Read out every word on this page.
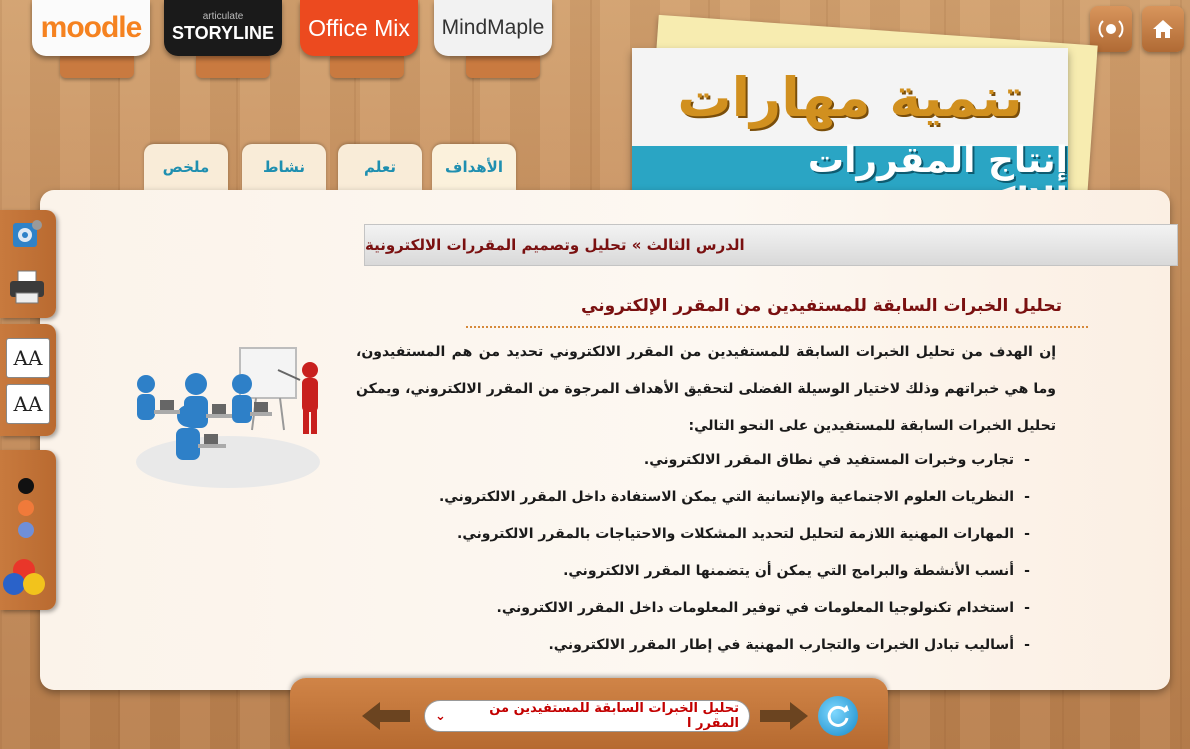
moodle	articulate
STORYLINE Office Mix MindMaple
تنمية مهارات
إنتاج المقررات
الأهداف
تعلم
نشاط
ملخص
الدرس الثالث » تحليل وتصميم المقررات الالكترونية
تحليل الخبرات السابقة للمستفيدين من المقرر الإلكتروني
إن الهدف من تحليل الخبرات السابقة للمستفيدين من المقرر الالكتروني تحديد من هم المستفيدون، وما هي خبراتهم وذلك لاختيار الوسيلة الفضلى لتحقيق الأهداف المرجوة من المقرر الالكتروني، ويمكن تحليل الخبرات السابقة للمستفيدين على النحو التالي:
- تجارب وخبرات المستفيد في نطاق المقرر الالكتروني.
- النظريات العلوم الاجتماعية والإنسانية التي يمكن الاستفادة داخل المقرر الالكتروني.
- المهارات المهنية اللازمة لتحليل لتحديد المشكلات والاحتياجات بالمقرر الالكتروني.
- أنسب الأنشطة والبرامج التي يمكن أن يتضمنها المقرر الالكتروني.
- استخدام تكنولوجيا المعلومات في توفير المعلومات داخل المقرر الالكتروني.
- أساليب تبادل الخبرات والتجارب المهنية في إطار المقرر الالكتروني.
AA
AA
تحليل الخبرات السابقة للمستفيدين من المقرر ا
⌄
